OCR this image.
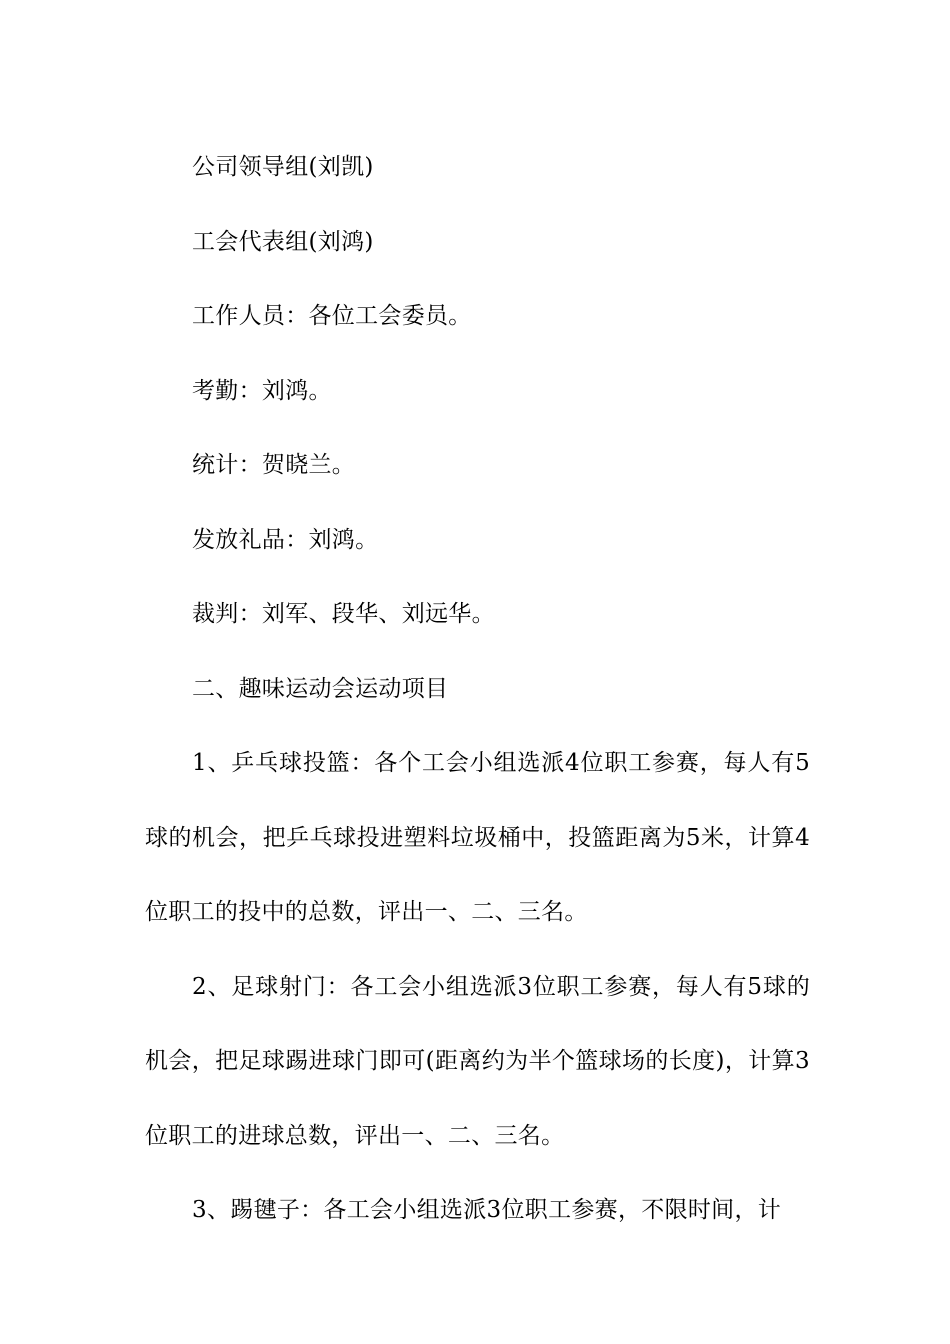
公司领导组(刘凯)

工会代表组(刘鸿)

工作人员：各位工会委员。

考勤：刘鸿。

统计：贺晓兰。

发放礼品：刘鸿。

裁判：刘军、段华、刘远华。

二、趣味运动会运动项目

1、乒乓球投篮：各个工会小组选派4位职工参赛，每人有5球的机会，把乒乓球投进塑料垃圾桶中，投篮距离为5米，计算4位职工的投中的总数，评出一、二、三名。

2、足球射门：各工会小组选派3位职工参赛，每人有5球的机会，把足球踢进球门即可(距离约为半个篮球场的长度)，计算3位职工的进球总数，评出一、二、三名。

3、踢毽子：各工会小组选派3位职工参赛，不限时间，计
